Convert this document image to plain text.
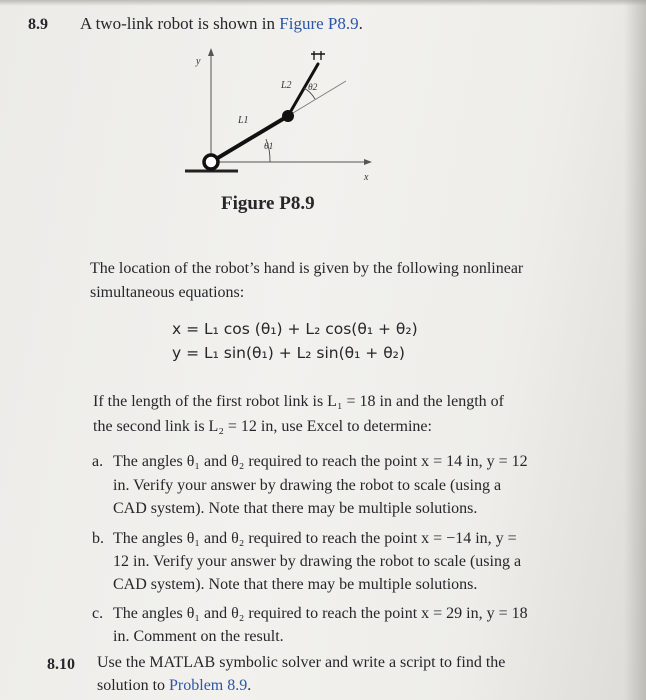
8.9 A two-link robot is shown in Figure P8.9.
y
x
L1
L2
θ1
θ2
Figure P8.9
The location of the robot’s hand is given by the following nonlinear
simultaneous equations:
x = L₁ cos (θ₁) + L₂ cos(θ₁ + θ₂)
y = L₁ sin(θ₁) + L₂ sin(θ₁ + θ₂)
If the length of the first robot link is L₁ = 18 in and the length of
the second link is L₂ = 12 in, use Excel to determine:
a. The angles θ₁ and θ₂ required to reach the point x = 14 in, y = 12
in. Verify your answer by drawing the robot to scale (using a
CAD system). Note that there may be multiple solutions.
b. The angles θ₁ and θ₂ required to reach the point x = −14 in, y =
12 in. Verify your answer by drawing the robot to scale (using a
CAD system). Note that there may be multiple solutions.
c. The angles θ₁ and θ₂ required to reach the point x = 29 in, y = 18
in. Comment on the result.
8.10 Use the MATLAB symbolic solver and write a script to find the
solution to Problem 8.9.
